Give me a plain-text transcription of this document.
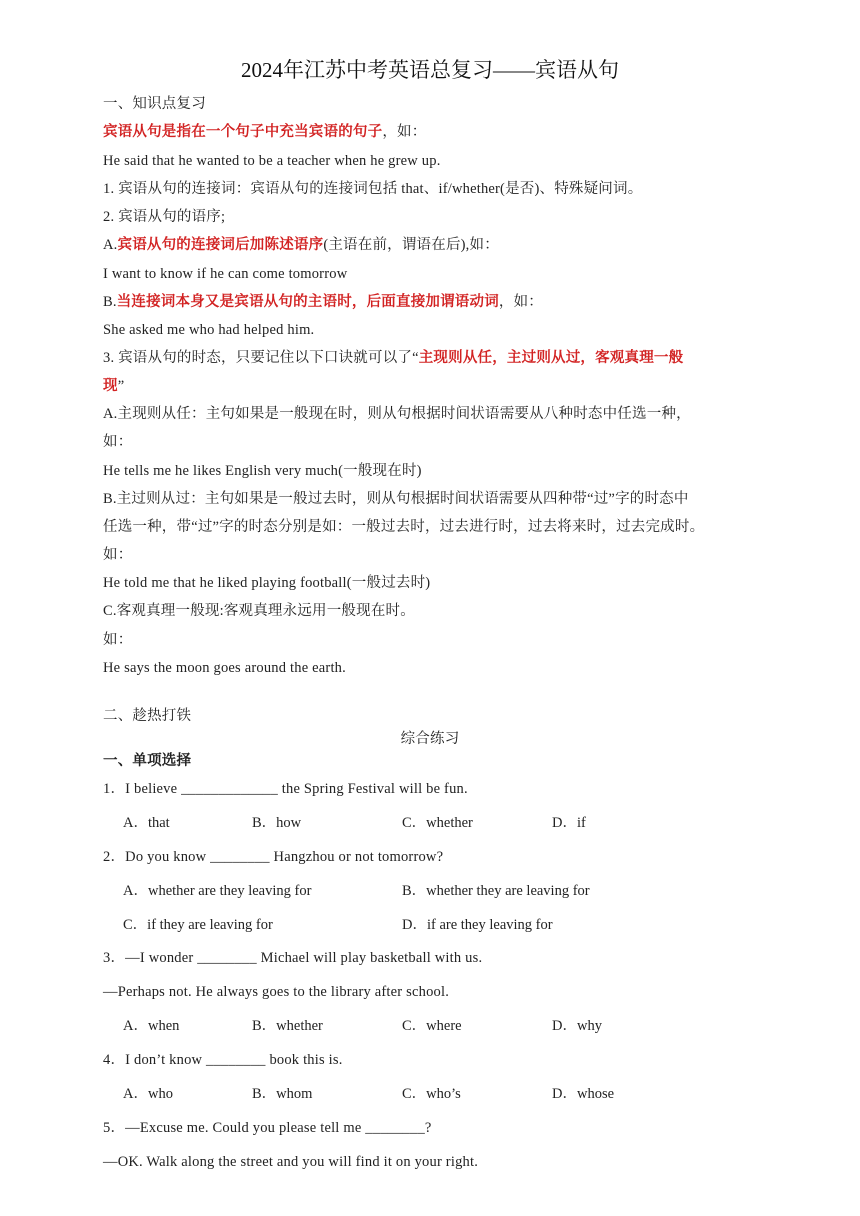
2024年江苏中考英语总复习——宾语从句
一、知识点复习
宾语从句是指在一个句子中充当宾语的句子，如：
He said that he wanted to be a teacher when he grew up.
1. 宾语从句的连接词：宾语从句的连接词包括 that、if/whether(是否)、特殊疑问词。
2. 宾语从句的语序;
A.宾语从句的连接词后加陈述语序(主语在前，谓语在后),如：
I want to know if he can come tomorrow
B.当连接词本身又是宾语从句的主语时，后面直接加谓语动词，如：
She asked me who had helped him.
3. 宾语从句的时态，只要记住以下口诀就可以了“主现则从任，主过则从过，客观真理一般
现”
A.主现则从任：主句如果是一般现在时，则从句根据时间状语需要从八种时态中任选一种，
如：
He tells me he likes English very much(一般现在时)
B.主过则从过：主句如果是一般过去时，则从句根据时间状语需要从四种带“过”字的时态中
任选一种，带“过”字的时态分别是如：一般过去时，过去进行时，过去将来时，过去完成时。
如：
He told me that he liked playing football(一般过去时)
C.客观真理一般现:客观真理永远用一般现在时。
如：
He says the moon goes around the earth.
二、趁热打铁
综合练习
一、单项选择
1．I believe _____________ the Spring Festival will be fun.
A．that	B．how	C．whether	D．if
2．Do you know ________ Hangzhou or not tomorrow?
A．whether are they leaving for	B．whether they are leaving for
C．if they are leaving for	D．if are they leaving for
3．—I wonder ________ Michael will play basketball with us.
—Perhaps not. He always goes to the library after school.
A．when	B．whether	C．where	D．why
4．I don’t know ________ book this is.
A．who	B．whom	C．who’s	D．whose
5．—Excuse me. Could you please tell me ________?
—OK. Walk along the street and you will find it on your right.
